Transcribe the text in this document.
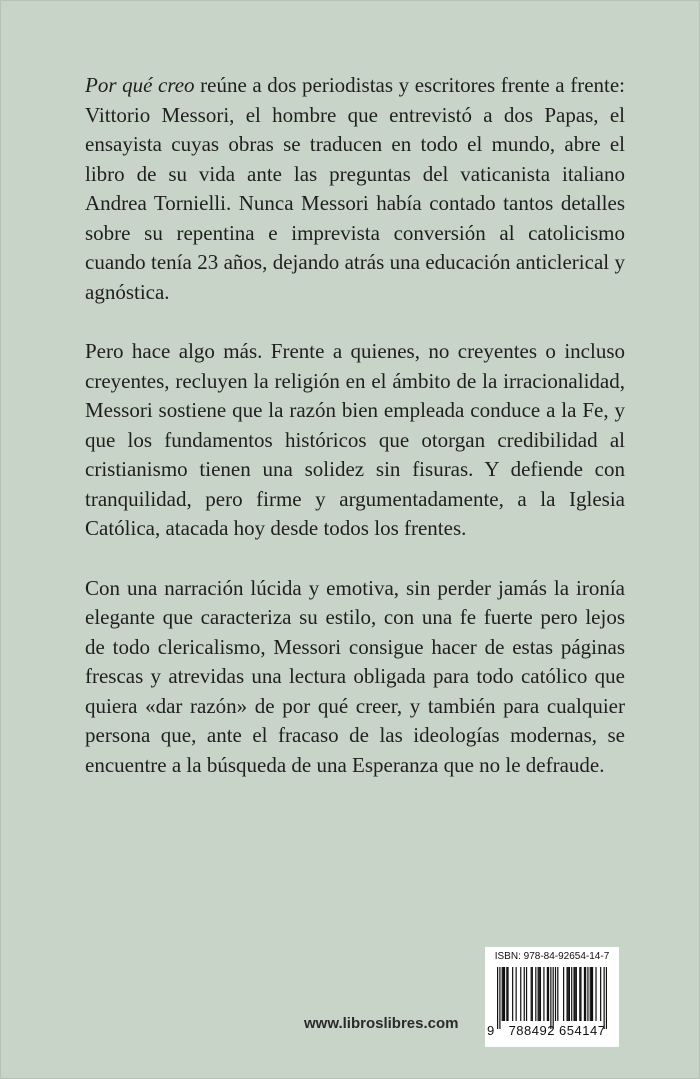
Por qué creo reúne a dos periodistas y escritores frente a frente: Vittorio Messori, el hombre que entrevistó a dos Papas, el ensayista cuyas obras se traducen en todo el mundo, abre el libro de su vida ante las preguntas del vaticanista italiano Andrea Tornielli. Nunca Messori había contado tantos detalles sobre su repentina e imprevista conversión al catolicismo cuando tenía 23 años, dejando atrás una educación anticlerical y agnóstica.

Pero hace algo más. Frente a quienes, no creyentes o incluso creyentes, recluyen la religión en el ámbito de la irracionalidad, Messori sostiene que la razón bien empleada conduce a la Fe, y que los fundamentos históricos que otorgan credibilidad al cristianismo tienen una solidez sin fisuras. Y defiende con tranquilidad, pero firme y argumentadamente, a la Iglesia Católica, atacada hoy desde todos los frentes.

Con una narración lúcida y emotiva, sin perder jamás la ironía elegante que caracteriza su estilo, con una fe fuerte pero lejos de todo clericalismo, Messori consigue hacer de estas páginas frescas y atrevidas una lectura obligada para todo católico que quiera «dar razón» de por qué creer, y también para cualquier persona que, ante el fracaso de las ideologías modernas, se encuentre a la búsqueda de una Esperanza que no le defraude.

www.libroslibres.com
ISBN: 978-84-92654-14-7
9	788492 654147
